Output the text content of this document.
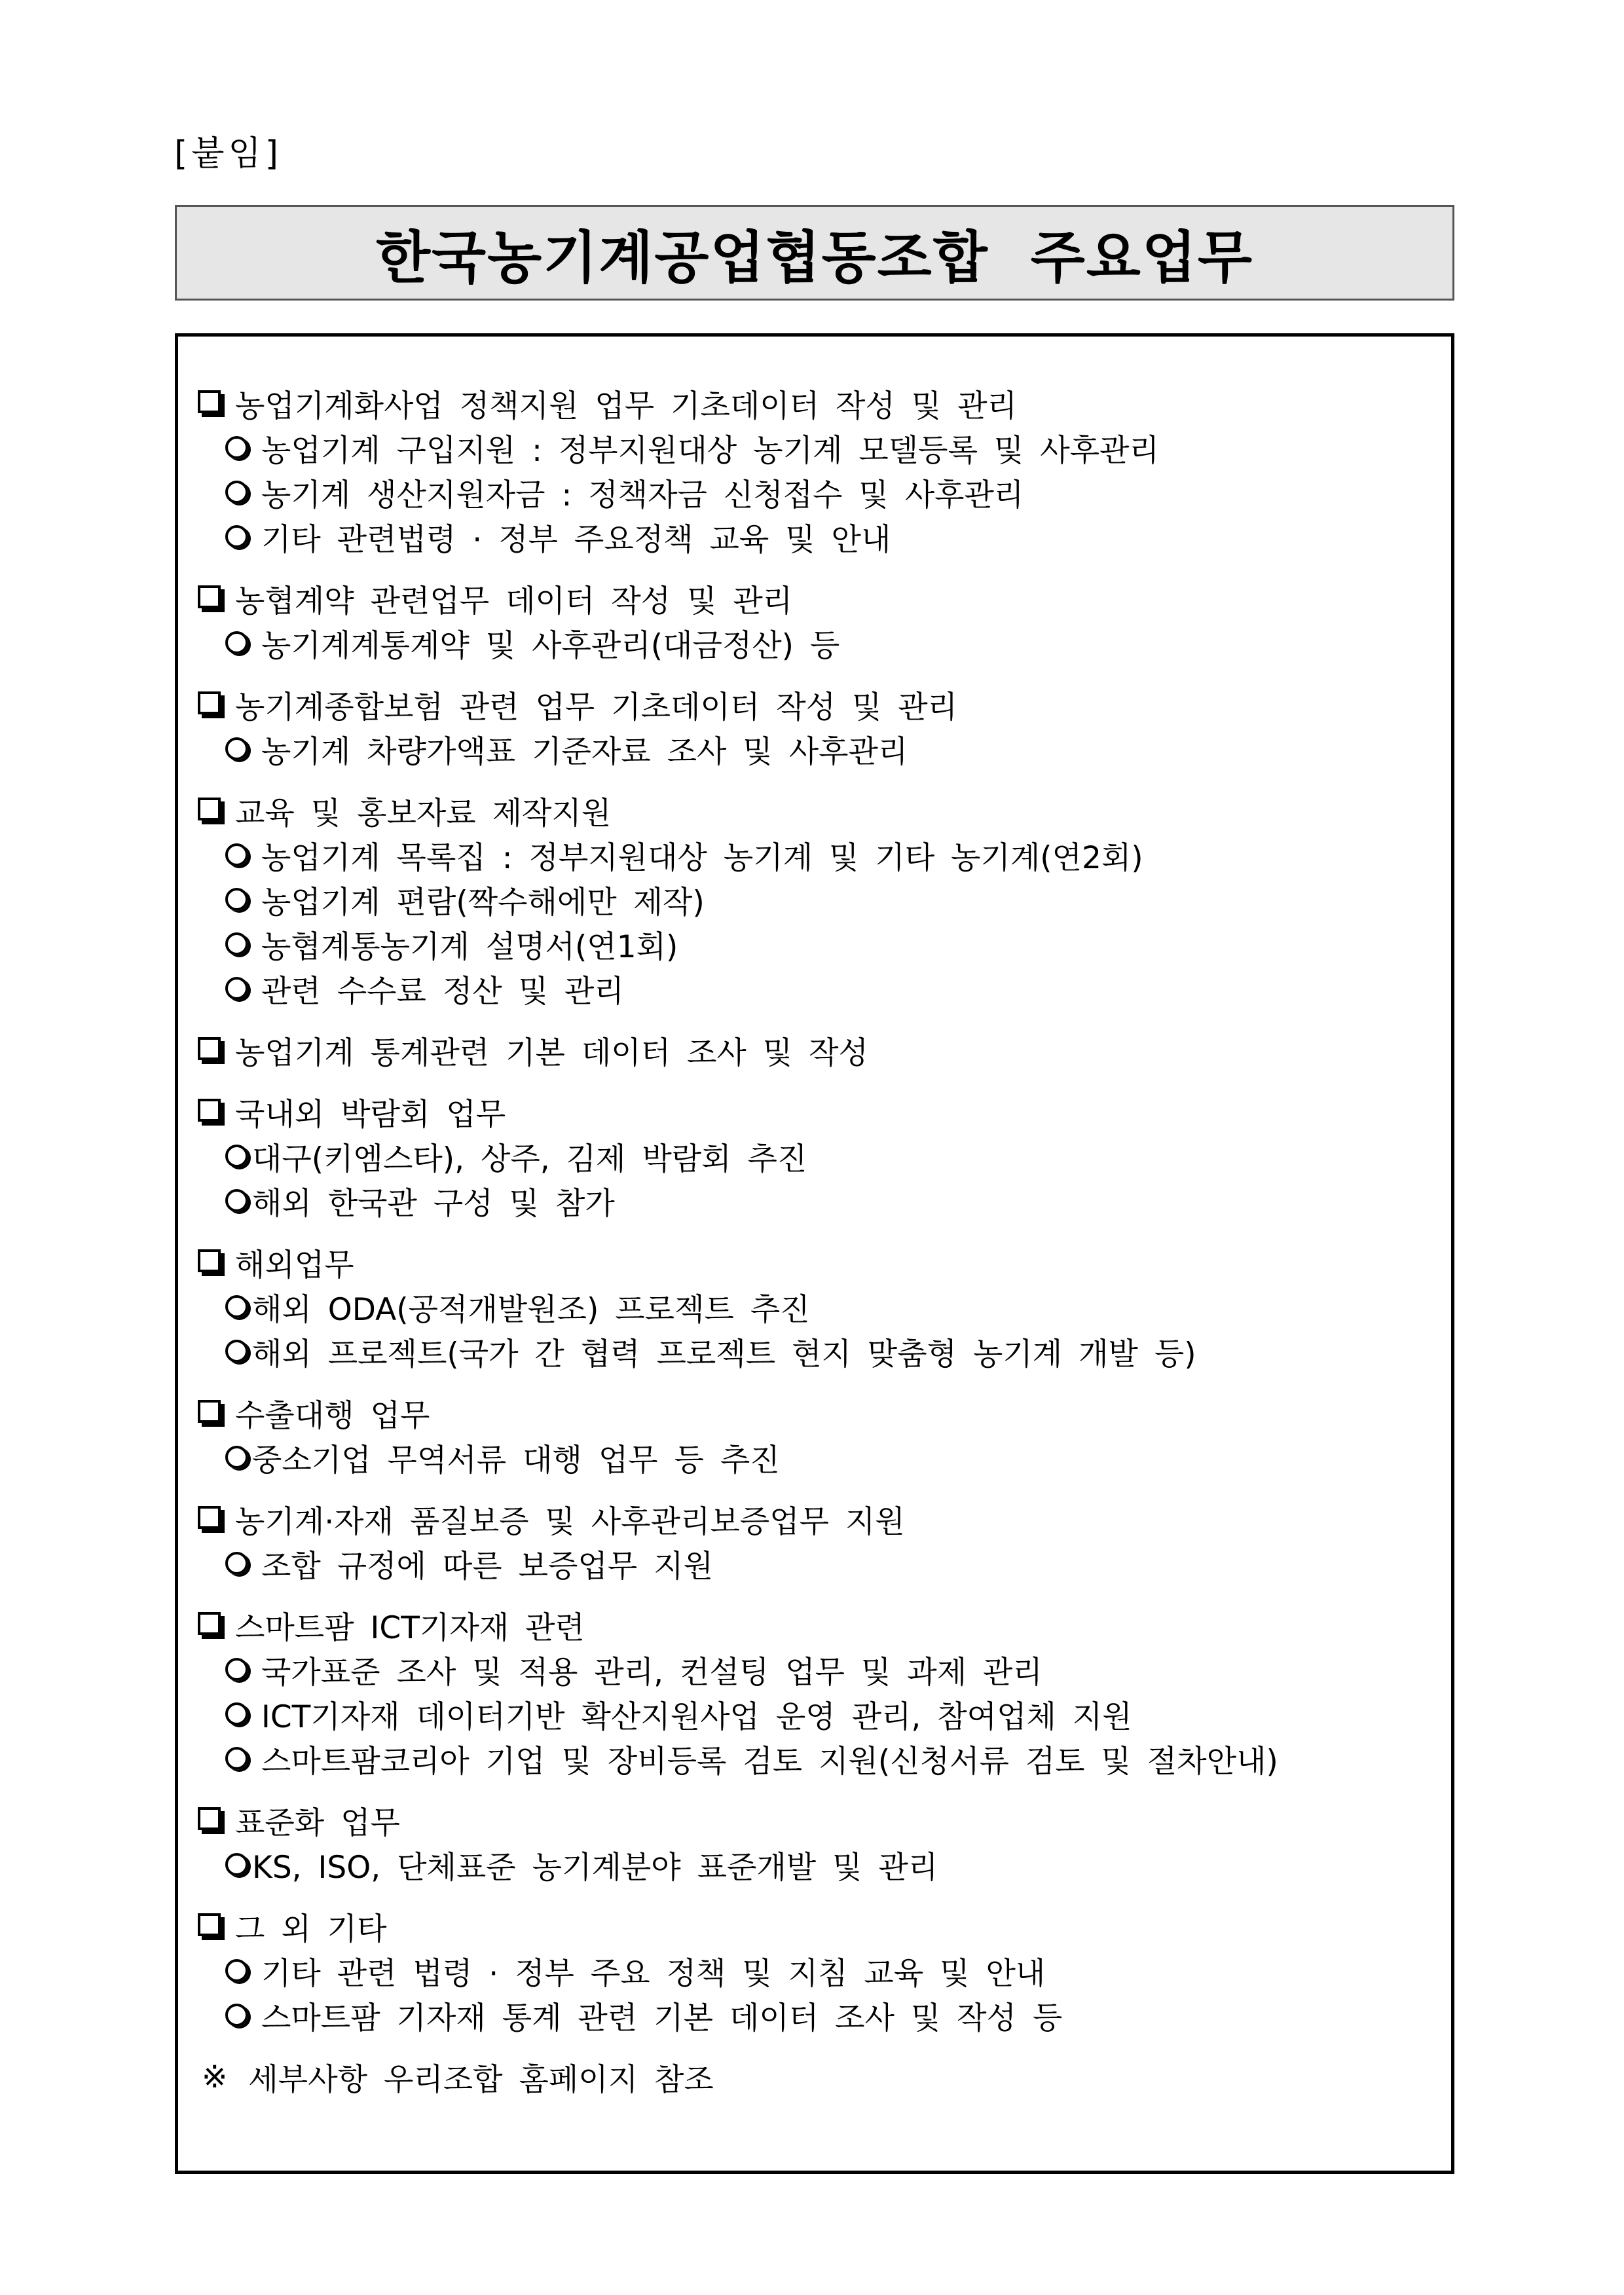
[붙임]
한국농기계공업협동조합  주요업무
농업기계화사업 정책지원 업무 기초데이터 작성 및 관리
농업기계 구입지원 : 정부지원대상 농기계 모델등록 및 사후관리
농기계 생산지원자금 : 정책자금 신청접수 및 사후관리
기타 관련법령 · 정부 주요정책 교육 및 안내
농협계약 관련업무 데이터 작성 및 관리
농기계계통계약 및 사후관리(대금정산) 등
농기계종합보험 관련 업무 기초데이터 작성 및 관리
농기계 차량가액표 기준자료 조사 및 사후관리
교육 및 홍보자료 제작지원
농업기계 목록집 : 정부지원대상 농기계 및 기타 농기계(연2회)
농업기계 편람(짝수해에만 제작)
농협계통농기계 설명서(연1회)
관련 수수료 정산 및 관리
농업기계 통계관련 기본 데이터 조사 및 작성
국내외 박람회 업무
대구(키엠스타), 상주, 김제 박람회 추진
해외 한국관 구성 및 참가
해외업무
해외 ODA(공적개발원조) 프로젝트 추진
해외 프로젝트(국가 간 협력 프로젝트 현지 맞춤형 농기계 개발 등)
수출대행 업무
중소기업 무역서류 대행 업무 등 추진
농기계·자재 품질보증 및 사후관리보증업무 지원
조합 규정에 따른 보증업무 지원
스마트팜 ICT기자재 관련
국가표준 조사 및 적용 관리, 컨설팅 업무 및 과제 관리
ICT기자재 데이터기반 확산지원사업 운영 관리, 참여업체 지원
스마트팜코리아 기업 및 장비등록 검토 지원(신청서류 검토 및 절차안내)
표준화 업무
KS, ISO, 단체표준 농기계분야 표준개발 및 관리
그 외 기타
기타 관련 법령 · 정부 주요 정책 및 지침 교육 및 안내
스마트팜 기자재 통계 관련 기본 데이터 조사 및 작성 등
※ 세부사항 우리조합 홈페이지 참조
